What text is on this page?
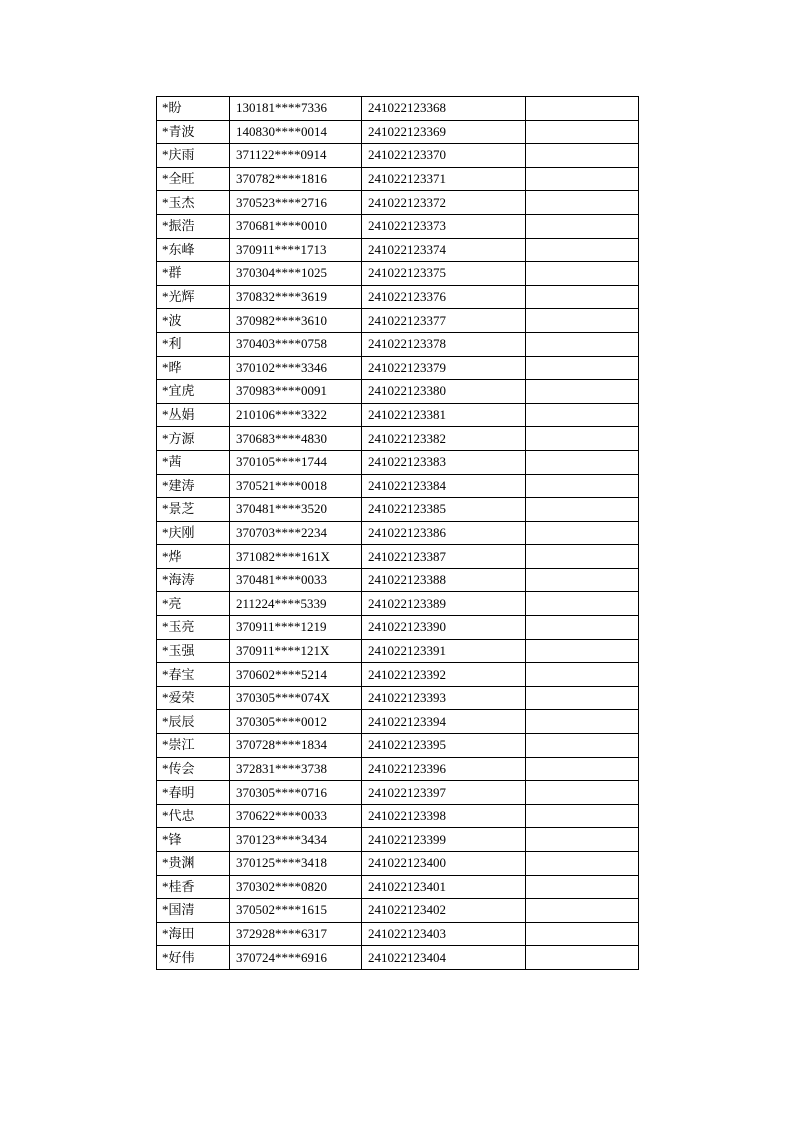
*盼	130181****7336	241022123368	
*青波	140830****0014	241022123369	
*庆雨	371122****0914	241022123370	
*全旺	370782****1816	241022123371	
*玉杰	370523****2716	241022123372	
*振浩	370681****0010	241022123373	
*东峰	370911****1713	241022123374	
*群	370304****1025	241022123375	
*光辉	370832****3619	241022123376	
*波	370982****3610	241022123377	
*利	370403****0758	241022123378	
*晔	370102****3346	241022123379	
*宜虎	370983****0091	241022123380	
*丛娟	210106****3322	241022123381	
*方源	370683****4830	241022123382	
*茜	370105****1744	241022123383	
*建涛	370521****0018	241022123384	
*景芝	370481****3520	241022123385	
*庆刚	370703****2234	241022123386	
*烨	371082****161X	241022123387	
*海涛	370481****0033	241022123388	
*亮	211224****5339	241022123389	
*玉亮	370911****1219	241022123390	
*玉强	370911****121X	241022123391	
*春宝	370602****5214	241022123392	
*爱荣	370305****074X	241022123393	
*辰辰	370305****0012	241022123394	
*崇江	370728****1834	241022123395	
*传会	372831****3738	241022123396	
*春明	370305****0716	241022123397	
*代忠	370622****0033	241022123398	
*锋	370123****3434	241022123399	
*贵渊	370125****3418	241022123400	
*桂香	370302****0820	241022123401	
*国清	370502****1615	241022123402	
*海田	372928****6317	241022123403	
*好伟	370724****6916	241022123404	
